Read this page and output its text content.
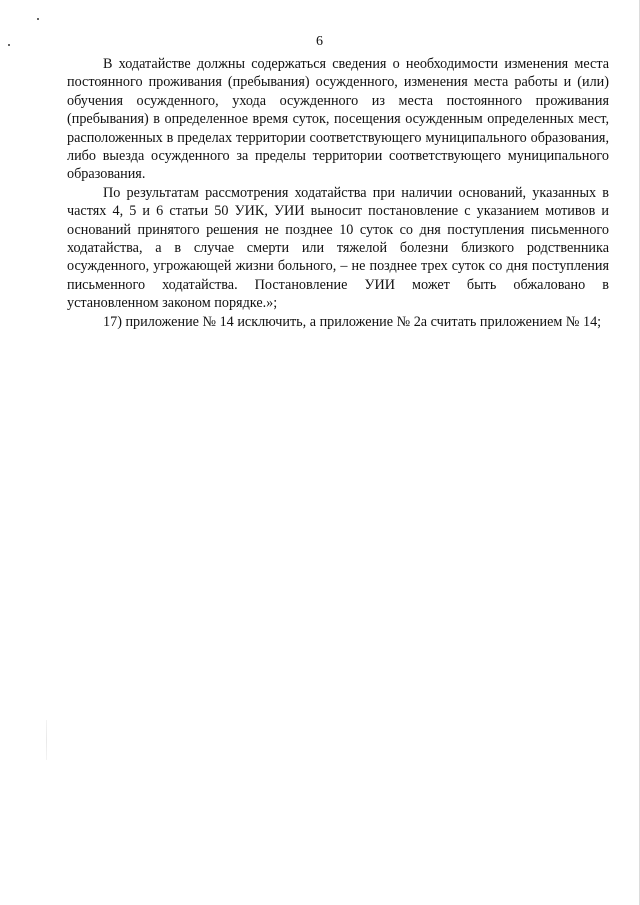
6

В ходатайстве должны содержаться сведения о необходимости изменения места постоянного проживания (пребывания) осужденного, изменения места работы и (или) обучения осужденного, ухода осужденного из места постоянного проживания (пребывания) в определенное время суток, посещения осужденным определенных мест, расположенных в пределах территории соответствующего муниципального образования, либо выезда осужденного за пределы территории соответствующего муниципального образования.

По результатам рассмотрения ходатайства при наличии оснований, указанных в частях 4, 5 и 6 статьи 50 УИК, УИИ выносит постановление с указанием мотивов и оснований принятого решения не позднее 10 суток со дня поступления письменного ходатайства, а в случае смерти или тяжелой болезни близкого родственника осужденного, угрожающей жизни больного, – не позднее трех суток со дня поступления письменного ходатайства. Постановление УИИ может быть обжаловано в установленном законом порядке.»;

17) приложение № 14 исключить, а приложение № 2а считать приложением № 14;
